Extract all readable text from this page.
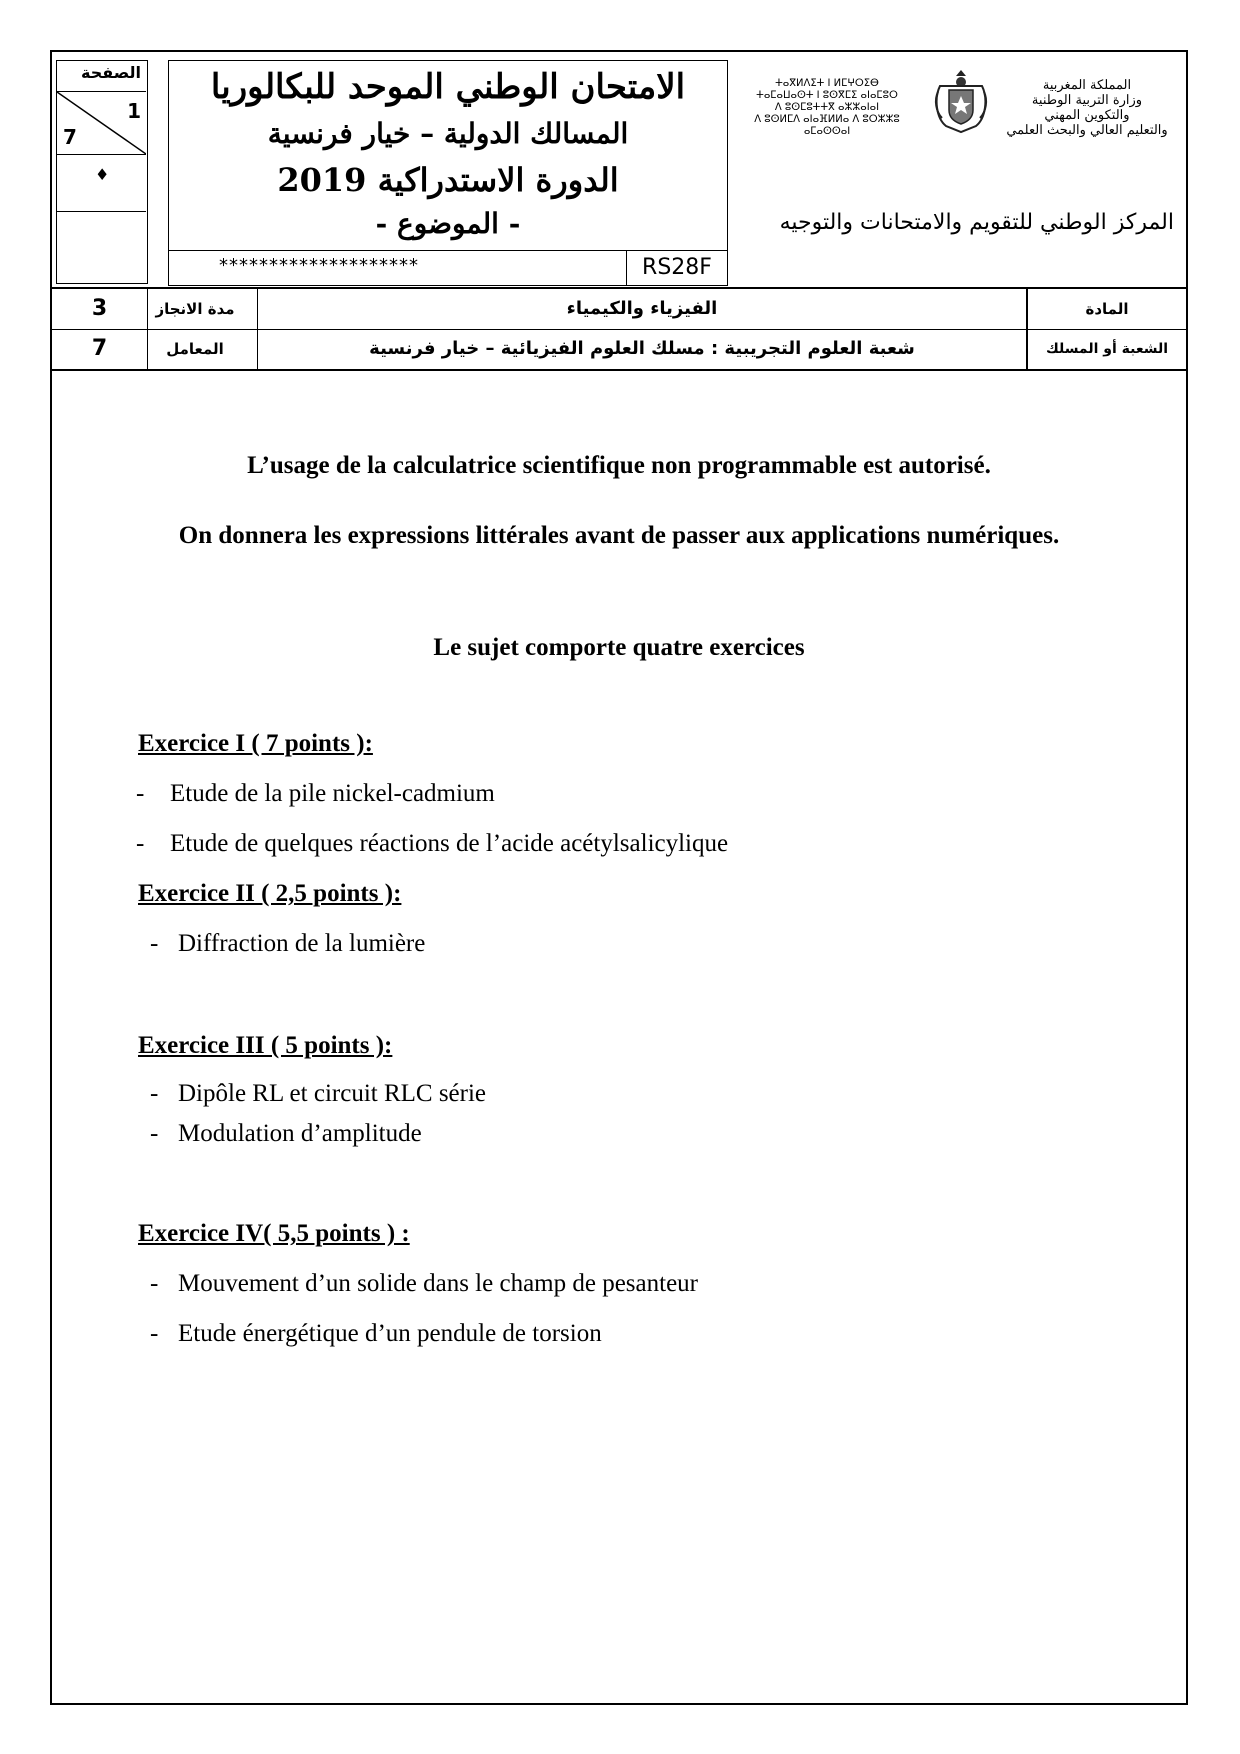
الصفحة
1
7
♦
الامتحان الوطني الموحد للبكالوريا
المسالك الدولية – خيار فرنسية
الدورة الاستدراكية 2019
- الموضوع -
********************	RS28F
ⵜⴰⴳⵍⴷⵉⵜ ⵏ ⵍⵎⵖⵔⵉⴱ
ⵜⴰⵎⴰⵡⴰⵙⵜ ⵏ ⵓⵙⴳⵎⵉ ⴰⵏⴰⵎⵓⵔ
ⴷ ⵓⵙⵎⵓⵜⵜⴳ ⴰⵣⵣⴰⵏⴰⵏ
ⴷ ⵓⵙⵍⵎⴷ ⴰⵏⴰⴼⵍⵍⴰ ⴷ ⵓⵔⵣⵣⵓ ⴰⵎⴰⵙⵙⴰⵏ
المملكة المغربية
وزارة التربية الوطنية
والتكوين المهني
والتعليم العالي والبحث العلمي
المركز الوطني للتقويم والامتحانات والتوجيه
3	مدة الانجاز	الفيزياء والكيمياء	المادة
7	المعامل	شعبة العلوم التجريبية : مسلك العلوم الفيزيائية – خيار فرنسية	الشعبة أو المسلك
L’usage de la calculatrice scientifique non programmable est autorisé.
On donnera les expressions littérales avant de passer aux applications numériques.
Le sujet comporte quatre exercices
Exercice I ( 7 points ):
- Etude de la pile nickel-cadmium
- Etude de quelques réactions de l’acide acétylsalicylique
Exercice II ( 2,5 points ):
- Diffraction de la lumière
Exercice III ( 5 points ):
- Dipôle RL et circuit RLC série
- Modulation d’amplitude
Exercice IV( 5,5 points ) :
- Mouvement d’un solide dans le champ de pesanteur
- Etude énergétique d’un pendule de torsion
